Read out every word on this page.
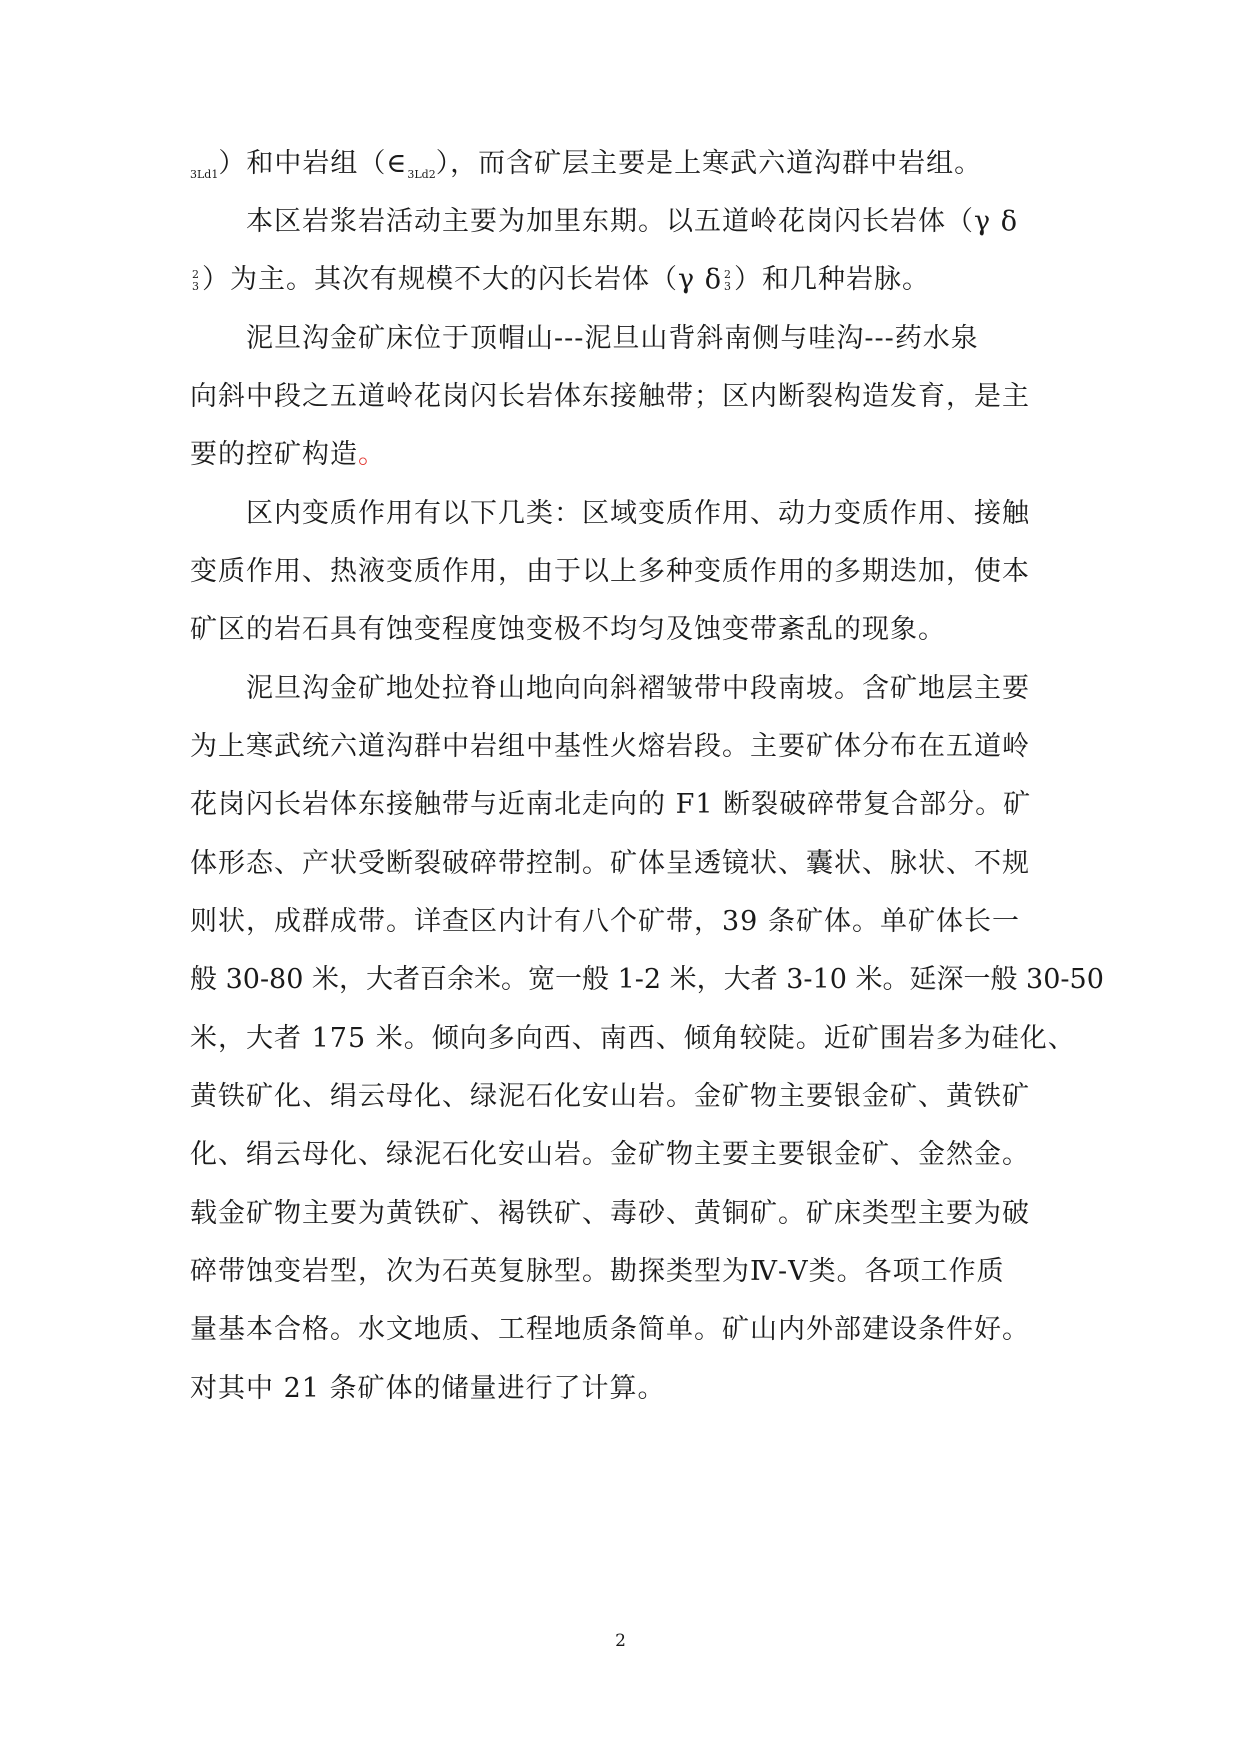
$_{3Ld1}$）和中岩组$(\in_{3Ld2})$，而含矿层主要是上寒武六道沟群中岩组。
本区岩浆岩活动主要为加里东期。以五道岭花岗闪长岩体（γ δ
2
3 ）为主。其次有规模不大的闪长岩体（γ δ 2
3 ）和几种岩脉。
泥旦沟金矿床位于顶帽山---泥旦山背斜南侧与哇沟---药水泉
向斜中段之五道岭花岗闪长岩体东接触带；区内断裂构造发育，是主
要的控矿构造。
区内变质作用有以下几类：区域变质作用、动力变质作用、接触
变质作用、热液变质作用，由于以上多种变质作用的多期迭加，使本
矿区的岩石具有蚀变程度蚀变极不均匀及蚀变带紊乱的现象。
泥旦沟金矿地处拉脊山地向向斜褶皱带中段南坡。含矿地层主要
为上寒武统六道沟群中岩组中基性火熔岩段。主要矿体分布在五道岭
花岗闪长岩体东接触带与近南北走向的 F1 断裂破碎带复合部分。矿
体形态、产状受断裂破碎带控制。矿体呈透镜状、囊状、脉状、不规
则状，成群成带。详查区内计有八个矿带，39 条矿体。单矿体长一
般 30-80 米，大者百余米。宽一般 1-2 米，大者 3-10 米。延深一般 30-50
米，大者 175 米。倾向多向西、南西、倾角较陡。近矿围岩多为硅化、
黄铁矿化、绢云母化、绿泥石化安山岩。金矿物主要银金矿、黄铁矿
化、绢云母化、绿泥石化安山岩。金矿物主要主要银金矿、金然金。
载金矿物主要为黄铁矿、褐铁矿、毒砂、黄铜矿。矿床类型主要为破
碎带蚀变岩型，次为石英复脉型。勘探类型为Ⅳ-Ⅴ类。各项工作质
量基本合格。水文地质、工程地质条简单。矿山内外部建设条件好。
对其中 21 条矿体的储量进行了计算。
2
